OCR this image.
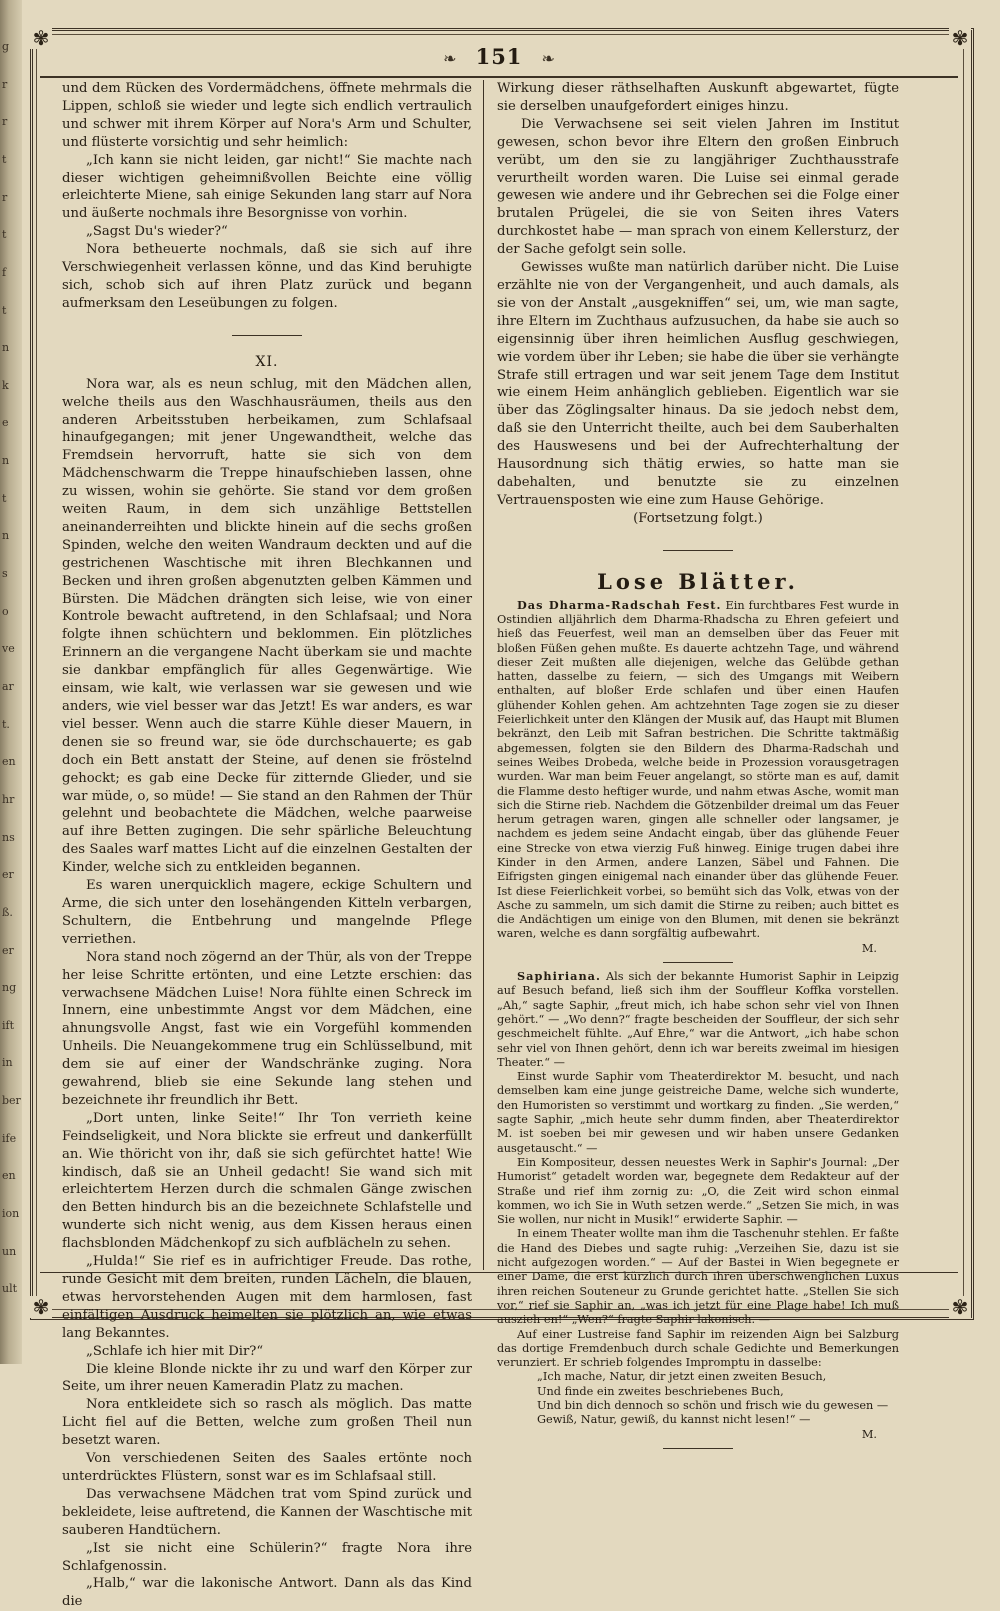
g
r
r
t
r
t
f
t
n
k
e
n
t
n
s
o
ve
ar
t.
en
hr
ns
er
ß.
er
ng
ift
in
ber
ife
en
ion
un
ult
✾	✾
✾	✾
❧ 151 ❧

und dem Rücken des Vordermädchens, öffnete mehrmals die Lippen, schloß sie wieder und legte sich endlich vertraulich und schwer mit ihrem Körper auf Nora's Arm und Schulter, und flüsterte vorsichtig und sehr heimlich:

„Ich kann sie nicht leiden, gar nicht!“ Sie machte nach dieser wichtigen geheimnißvollen Beichte eine völlig erleichterte Miene, sah einige Sekunden lang starr auf Nora und äußerte nochmals ihre Besorgnisse von vorhin.

„Sagst Du's wieder?“

Nora betheuerte nochmals, daß sie sich auf ihre Verschwiegenheit verlassen könne, und das Kind beruhigte sich, schob sich auf ihren Platz zurück und begann aufmerksam den Leseübungen zu folgen.

XI.

Nora war, als es neun schlug, mit den Mädchen allen, welche theils aus den Waschhausräumen, theils aus den anderen Arbeitsstuben herbeikamen, zum Schlafsaal hinaufgegangen; mit jener Ungewandtheit, welche das Fremdsein hervorruft, hatte sie sich von dem Mädchenschwarm die Treppe hinaufschieben lassen, ohne zu wissen, wohin sie gehörte. Sie stand vor dem großen weiten Raum, in dem sich unzählige Bettstellen aneinanderreihten und blickte hinein auf die sechs großen Spinden, welche den weiten Wandraum deckten und auf die gestrichenen Waschtische mit ihren Blechkannen und Becken und ihren großen abgenutzten gelben Kämmen und Bürsten. Die Mädchen drängten sich leise, wie von einer Kontrole bewacht auftretend, in den Schlafsaal; und Nora folgte ihnen schüchtern und beklommen. Ein plötzliches Erinnern an die vergangene Nacht überkam sie und machte sie dankbar empfänglich für alles Gegenwärtige. Wie einsam, wie kalt, wie verlassen war sie gewesen und wie anders, wie viel besser war das Jetzt! Es war anders, es war viel besser. Wenn auch die starre Kühle dieser Mauern, in denen sie so freund war, sie öde durchschauerte; es gab doch ein Bett anstatt der Steine, auf denen sie fröstelnd gehockt; es gab eine Decke für zitternde Glieder, und sie war müde, o, so müde! — Sie stand an den Rahmen der Thür gelehnt und beobachtete die Mädchen, welche paarweise auf ihre Betten zugingen. Die sehr spärliche Beleuchtung des Saales warf mattes Licht auf die einzelnen Gestalten der Kinder, welche sich zu entkleiden begannen.

Es waren unerquicklich magere, eckige Schultern und Arme, die sich unter den losehängenden Kitteln verbargen, Schultern, die Entbehrung und mangelnde Pflege verriethen.

Nora stand noch zögernd an der Thür, als von der Treppe her leise Schritte ertönten, und eine Letzte erschien: das verwachsene Mädchen Luise! Nora fühlte einen Schreck im Innern, eine unbestimmte Angst vor dem Mädchen, eine ahnungsvolle Angst, fast wie ein Vorgefühl kommenden Unheils. Die Neuangekommene trug ein Schlüsselbund, mit dem sie auf einer der Wandschränke zuging. Nora gewahrend, blieb sie eine Sekunde lang stehen und bezeichnete ihr freundlich ihr Bett.

„Dort unten, linke Seite!“ Ihr Ton verrieth keine Feindseligkeit, und Nora blickte sie erfreut und dankerfüllt an. Wie thöricht von ihr, daß sie sich gefürchtet hatte! Wie kindisch, daß sie an Unheil gedacht! Sie wand sich mit erleichtertem Herzen durch die schmalen Gänge zwischen den Betten hindurch bis an die bezeichnete Schlafstelle und wunderte sich nicht wenig, aus dem Kissen heraus einen flachsblonden Mädchenkopf zu sich aufblächeln zu sehen.

„Hulda!“ Sie rief es in aufrichtiger Freude. Das rothe, runde Gesicht mit dem breiten, runden Lächeln, die blauen, etwas hervorstehenden Augen mit dem harmlosen, fast einfältigen Ausdruck heimelten sie plötzlich an, wie etwas lang Bekanntes.

„Schlafe ich hier mit Dir?“

Die kleine Blonde nickte ihr zu und warf den Körper zur Seite, um ihrer neuen Kameradin Platz zu machen.

Nora entkleidete sich so rasch als möglich. Das matte Licht fiel auf die Betten, welche zum großen Theil nun besetzt waren.

Von verschiedenen Seiten des Saales ertönte noch unterdrücktes Flüstern, sonst war es im Schlafsaal still.

Das verwachsene Mädchen trat vom Spind zurück und bekleidete, leise auftretend, die Kannen der Waschtische mit sauberen Handtüchern.

„Ist sie nicht eine Schülerin?“ fragte Nora ihre Schlafgenossin.

„Halb,“ war die lakonische Antwort. Dann als das Kind die

Wirkung dieser räthselhaften Auskunft abgewartet, fügte sie derselben unaufgefordert einiges hinzu.

Die Verwachsene sei seit vielen Jahren im Institut gewesen, schon bevor ihre Eltern den großen Einbruch verübt, um den sie zu langjähriger Zuchthausstrafe verurtheilt worden waren. Die Luise sei einmal gerade gewesen wie andere und ihr Gebrechen sei die Folge einer brutalen Prügelei, die sie von Seiten ihres Vaters durchkostet habe — man sprach von einem Kellersturz, der der Sache gefolgt sein solle.

Gewisses wußte man natürlich darüber nicht. Die Luise erzählte nie von der Vergangenheit, und auch damals, als sie von der Anstalt „ausgekniffen“ sei, um, wie man sagte, ihre Eltern im Zuchthaus aufzusuchen, da habe sie auch so eigensinnig über ihren heimlichen Ausflug geschwiegen, wie vordem über ihr Leben; sie habe die über sie verhängte Strafe still ertragen und war seit jenem Tage dem Institut wie einem Heim anhänglich geblieben. Eigentlich war sie über das Zöglingsalter hinaus. Da sie jedoch nebst dem, daß sie den Unterricht theilte, auch bei dem Sauberhalten des Hauswesens und bei der Aufrechterhaltung der Hausordnung sich thätig erwies, so hatte man sie dabehalten, und benutzte sie zu einzelnen Vertrauensposten wie eine zum Hause Gehörige.

(Fortsetzung folgt.)

Lose Blätter.

Das Dharma-Radschah Fest. Ein furchtbares Fest wurde in Ostindien alljährlich dem Dharma-Rhadscha zu Ehren gefeiert und hieß das Feuerfest, weil man an demselben über das Feuer mit bloßen Füßen gehen mußte. Es dauerte achtzehn Tage, und während dieser Zeit mußten alle diejenigen, welche das Gelübde gethan hatten, dasselbe zu feiern, — sich des Umgangs mit Weibern enthalten, auf bloßer Erde schlafen und über einen Haufen glühender Kohlen gehen. Am achtzehnten Tage zogen sie zu dieser Feierlichkeit unter den Klängen der Musik auf, das Haupt mit Blumen bekränzt, den Leib mit Safran bestrichen. Die Schritte taktmäßig abgemessen, folgten sie den Bildern des Dharma-Radschah und seines Weibes Drobeda, welche beide in Prozession vorausgetragen wurden. War man beim Feuer angelangt, so störte man es auf, damit die Flamme desto heftiger wurde, und nahm etwas Asche, womit man sich die Stirne rieb. Nachdem die Götzenbilder dreimal um das Feuer herum getragen waren, gingen alle schneller oder langsamer, je nachdem es jedem seine Andacht eingab, über das glühende Feuer eine Strecke von etwa vierzig Fuß hinweg. Einige trugen dabei ihre Kinder in den Armen, andere Lanzen, Säbel und Fahnen. Die Eifrigsten gingen einigemal nach einander über das glühende Feuer. Ist diese Feierlichkeit vorbei, so bemüht sich das Volk, etwas von der Asche zu sammeln, um sich damit die Stirne zu reiben; auch bittet es die Andächtigen um einige von den Blumen, mit denen sie bekränzt waren, welche es dann sorgfältig aufbewahrt.

M.

Saphiriana. Als sich der bekannte Humorist Saphir in Leipzig auf Besuch befand, ließ sich ihm der Souffleur Koffka vorstellen. „Ah,“ sagte Saphir, „freut mich, ich habe schon sehr viel von Ihnen gehört.“ — „Wo denn?“ fragte bescheiden der Souffleur, der sich sehr geschmeichelt fühlte. „Auf Ehre,“ war die Antwort, „ich habe schon sehr viel von Ihnen gehört, denn ich war bereits zweimal im hiesigen Theater.“ —

Einst wurde Saphir vom Theaterdirektor M. besucht, und nach demselben kam eine junge geistreiche Dame, welche sich wunderte, den Humoristen so verstimmt und wortkarg zu finden. „Sie werden,“ sagte Saphir, „mich heute sehr dumm finden, aber Theaterdirektor M. ist soeben bei mir gewesen und wir haben unsere Gedanken ausgetauscht.“ —

Ein Kompositeur, dessen neuestes Werk in Saphir's Journal: „Der Humorist“ getadelt worden war, begegnete dem Redakteur auf der Straße und rief ihm zornig zu: „O, die Zeit wird schon einmal kommen, wo ich Sie in Wuth setzen werde.“ „Setzen Sie mich, in was Sie wollen, nur nicht in Musik!“ erwiderte Saphir. —

In einem Theater wollte man ihm die Taschenuhr stehlen. Er faßte die Hand des Diebes und sagte ruhig: „Verzeihen Sie, dazu ist sie nicht aufgezogen worden.“ — Auf der Bastei in Wien begegnete er einer Dame, die erst kürzlich durch ihren überschwenglichen Luxus ihren reichen Souteneur zu Grunde gerichtet hatte. „Stellen Sie sich vor,“ rief sie Saphir an, „was ich jetzt für eine Plage habe! Ich muß auszieh en!“ „Wen?“ fragte Saphir lakonisch. —

Auf einer Lustreise fand Saphir im reizenden Aign bei Salzburg das dortige Fremdenbuch durch schale Gedichte und Bemerkungen verunziert. Er schrieb folgendes Impromptu in dasselbe:

„Ich mache, Natur, dir jetzt einen zweiten Besuch,

Und finde ein zweites beschriebenes Buch,

Und bin dich dennoch so schön und frisch wie du gewesen —

Gewiß, Natur, gewiß, du kannst nicht lesen!“ —

M.
